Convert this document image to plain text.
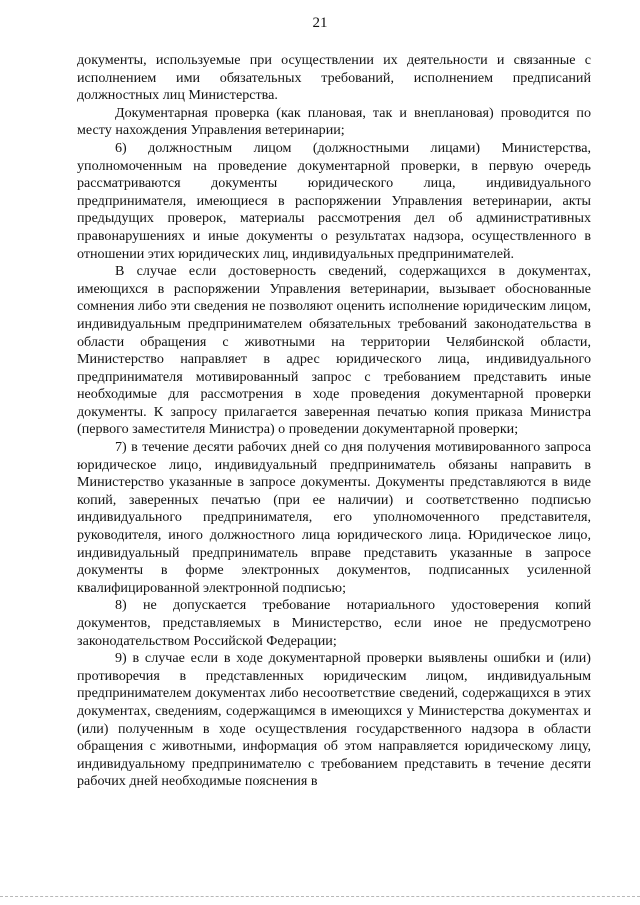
21

документы, используемые при осуществлении их деятельности и связанные с исполнением ими обязательных требований, исполнением предписаний должностных лиц Министерства.

Документарная проверка (как плановая, так и внеплановая) проводится по месту нахождения Управления ветеринарии;

6) должностным лицом (должностными лицами) Министерства, уполномоченным на проведение документарной проверки, в первую очередь рассматриваются документы юридического лица, индивидуального предпринимателя, имеющиеся в распоряжении Управления ветеринарии, акты предыдущих проверок, материалы рассмотрения дел об административных правонарушениях и иные документы о результатах надзора, осуществленного в отношении этих юридических лиц, индивидуальных предпринимателей.

В случае если достоверность сведений, содержащихся в документах, имеющихся в распоряжении Управления ветеринарии, вызывает обоснованные сомнения либо эти сведения не позволяют оценить исполнение юридическим лицом, индивидуальным предпринимателем обязательных требований законодательства в области обращения с животными на территории Челябинской области, Министерство направляет в адрес юридического лица, индивидуального предпринимателя мотивированный запрос с требованием представить иные необходимые для рассмотрения в ходе проведения документарной проверки документы. К запросу прилагается заверенная печатью копия приказа Министра (первого заместителя Министра) о проведении документарной проверки;

7) в течение десяти рабочих дней со дня получения мотивированного запроса юридическое лицо, индивидуальный предприниматель обязаны направить в Министерство указанные в запросе документы. Документы представляются в виде копий, заверенных печатью (при ее наличии) и соответственно подписью индивидуального предпринимателя, его уполномоченного представителя, руководителя, иного должностного лица юридического лица. Юридическое лицо, индивидуальный предприниматель вправе представить указанные в запросе документы в форме электронных документов, подписанных усиленной квалифицированной электронной подписью;

8) не допускается требование нотариального удостоверения копий документов, представляемых в Министерство, если иное не предусмотрено законодательством Российской Федерации;

9) в случае если в ходе документарной проверки выявлены ошибки и (или) противоречия в представленных юридическим лицом, индивидуальным предпринимателем документах либо несоответствие сведений, содержащихся в этих документах, сведениям, содержащимся в имеющихся у Министерства документах и (или) полученным в ходе осуществления государственного надзора в области обращения с животными, информация об этом направляется юридическому лицу, индивидуальному предпринимателю с требованием представить в течение десяти рабочих дней необходимые пояснения в
